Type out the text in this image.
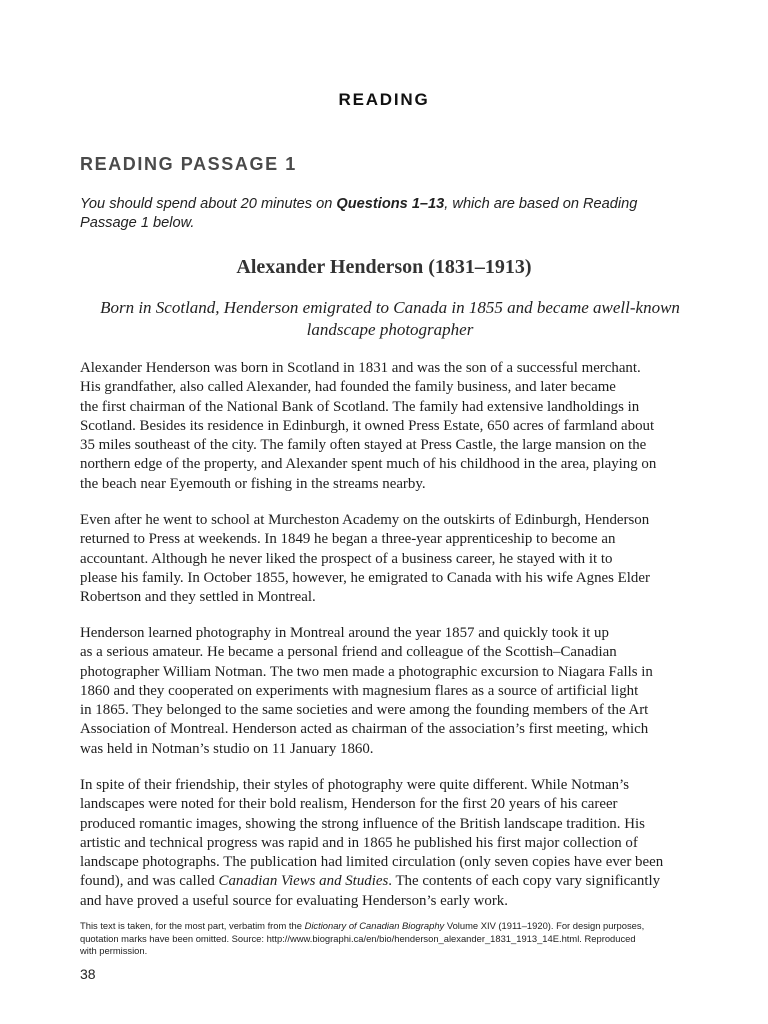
READING
READING PASSAGE 1

You should spend about 20 minutes on Questions 1–13, which are based on Reading
Passage 1 below.

Alexander Henderson (1831–1913)

Born in Scotland, Henderson emigrated to Canada in 1855 and became awell-known landscape photographer

Alexander Henderson was born in Scotland in 1831 and was the son of a successful merchant.
His grandfather, also called Alexander, had founded the family business, and later became
the first chairman of the National Bank of Scotland. The family had extensive landholdings in
Scotland. Besides its residence in Edinburgh, it owned Press Estate, 650 acres of farmland about
35 miles southeast of the city. The family often stayed at Press Castle, the large mansion on the
northern edge of the property, and Alexander spent much of his childhood in the area, playing on
the beach near Eyemouth or fishing in the streams nearby.

Even after he went to school at Murcheston Academy on the outskirts of Edinburgh, Henderson
returned to Press at weekends. In 1849 he began a three-year apprenticeship to become an
accountant. Although he never liked the prospect of a business career, he stayed with it to
please his family. In October 1855, however, he emigrated to Canada with his wife Agnes Elder
Robertson and they settled in Montreal.

Henderson learned photography in Montreal around the year 1857 and quickly took it up
as a serious amateur. He became a personal friend and colleague of the Scottish–Canadian
photographer William Notman. The two men made a photographic excursion to Niagara Falls in
1860 and they cooperated on experiments with magnesium flares as a source of artificial light
in 1865. They belonged to the same societies and were among the founding members of the Art
Association of Montreal. Henderson acted as chairman of the association’s first meeting, which
was held in Notman’s studio on 11 January 1860.

In spite of their friendship, their styles of photography were quite different. While Notman’s
landscapes were noted for their bold realism, Henderson for the first 20 years of his career
produced romantic images, showing the strong influence of the British landscape tradition. His
artistic and technical progress was rapid and in 1865 he published his first major collection of
landscape photographs. The publication had limited circulation (only seven copies have ever been
found), and was called Canadian Views and Studies. The contents of each copy vary significantly
and have proved a useful source for evaluating Henderson’s early work.

This text is taken, for the most part, verbatim from the Dictionary of Canadian Biography Volume XIV (1911–1920). For design purposes,
quotation marks have been omitted. Source: http://www.biographi.ca/en/bio/henderson_alexander_1831_1913_14E.html. Reproduced
with permission.

38
